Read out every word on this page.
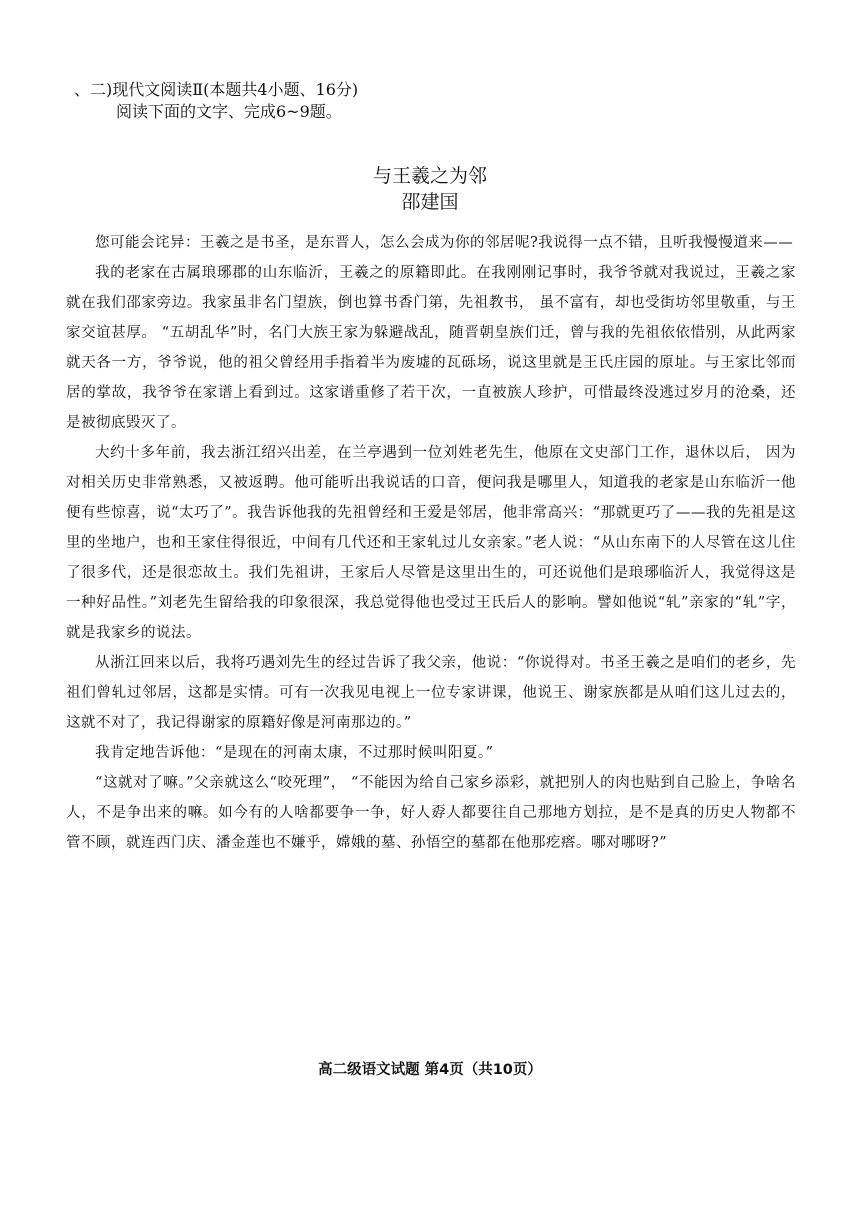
、二)现代文阅读Ⅱ(本题共4小题、16分)
阅读下面的文字、完成6~9题。
与王羲之为邻
邵建国

您可能会诧异：王羲之是书圣，是东晋人，怎么会成为你的邻居呢?我说得一点不错，且听我慢慢道来——

我的老家在古属琅琊郡的山东临沂，王羲之的原籍即此。在我刚刚记事时，我爷爷就对我说过，王羲之家就在我们邵家旁边。我家虽非名门望族，倒也算书香门第，先祖教书， 虽不富有，却也受街坊邻里敬重，与王家交谊甚厚。 “五胡乱华”时，名门大族王家为躲避战乱，随晋朝皇族们迁，曾与我的先祖依依惜别，从此两家就天各一方，爷爷说，他的祖父曾经用手指着半为废墟的瓦砾场，说这里就是王氏庄园的原址。与王家比邻而居的掌故，我爷爷在家谱上看到过。这家谱重修了若干次，一直被族人珍护，可惜最终没逃过岁月的沧桑，还是被彻底毁灭了。

大约十多年前，我去浙江绍兴出差，在兰亭遇到一位刘姓老先生，他原在文史部门工作，退休以后， 因为对相关历史非常熟悉，又被返聘。他可能听出我说话的口音，便问我是哪里人，知道我的老家是山东临沂一他便有些惊喜，说“太巧了”。我告诉他我的先祖曾经和王爱是邻居，他非常高兴：“那就更巧了——我的先祖是这里的坐地户，也和王家住得很近，中间有几代还和王家轧过儿女亲家。”老人说：“从山东南下的人尽管在这儿住了很多代，还是很恋故土。我们先祖讲，王家后人尽管是这里出生的，可还说他们是琅琊临沂人，我觉得这是一种好品性。”刘老先生留给我的印象很深，我总觉得他也受过王氏后人的影响。譬如他说“轧”亲家的“轧”字，就是我家乡的说法。

从浙江回来以后，我将巧遇刘先生的经过告诉了我父亲，他说：“你说得对。书圣王羲之是咱们的老乡，先祖们曾轧过邻居，这都是实情。可有一次我见电视上一位专家讲课，他说王、谢家族都是从咱们这儿过去的，这就不对了，我记得谢家的原籍好像是河南那边的。”

我肯定地告诉他：“是现在的河南太康，不过那时候叫阳夏。”

“这就对了嘛。”父亲就这么“咬死理”， “不能因为给自己家乡添彩，就把别人的肉也贴到自己脸上，争啥名人，不是争出来的嘛。如今有的人啥都要争一争，好人孬人都要往自己那地方划拉，是不是真的历史人物都不管不顾，就连西门庆、潘金莲也不嫌乎，嫦娥的墓、孙悟空的墓都在他那疙瘩。哪对哪呀?”

高二级语文试题 第4页（共10页）
